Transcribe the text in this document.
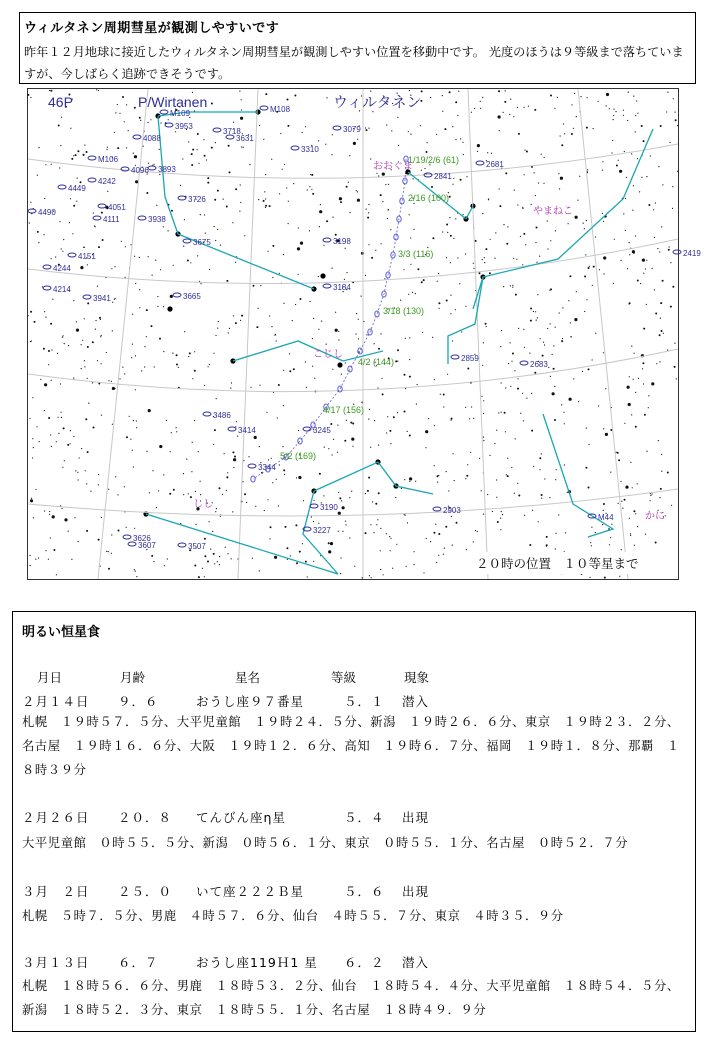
ウィルタネン周期彗星が観測しやすいです
昨年１２月地球に接近したウィルタネン周期彗星が観測しやすい位置を移動中です。 光度のほうは９等級まで落ちていますが、今しばらく追跡できそうです。
M109	M108
3953
3718
3631
4088
3079
M106
4096 3893
3310
2841
2681
4449
4242
3726
4051
4111	3938
4490
3675	3198
4151
4244
3184
4214
3941	3665
2419
2859
2683
3486
3414	3245
3344
3190	2903
M44
3227
3626
3607	3507
46P	P/Wirtanen	ウィルタネン
おおぐま
やまねこ
こじし
しし
かに
1/19/2/6 (61)
2/16 (100)
3/3 (116)
3/18 (130)
4/2 (144)
4/17 (156)
5/2 (169)
２０時の位置　１０等星まで
明るい恒星食
月日	月齢	星名	等級	現象
２月１４日 ９．６	おうし座９７番星	５．１ 潜入
札幌　１９時５７．５分、大平児童館　１９時２４．５分、新潟　１９時２６．６分、東京　１９時２３．２分、名古屋　１９時１６．６分、大阪　１９時１２．６分、高知　１９時６．７分、福岡　１９時１．８分、那覇　１８時３９分
２月２６日 ２０．８ てんびん座η星	５．４ 出現
大平児童館　０時５５．５分、新潟　０時５６．１分、東京　０時５５．１分、名古屋　０時５２．７分
３月　２日 ２５．０ いて座２２２Ｂ星	５．６ 出現
札幌　５時７．５分、男鹿　４時５７．６分、仙台　４時５５．７分、東京　４時３５．９分
３月１３日 ６．７	おうし座119Ｈ1 星 ６．２ 潜入
札幌　１８時５６．６分、男鹿　１８時５３．２分、仙台　１８時５４．４分、大平児童館　１８時５４．５分、新潟　１８時５２．３分、東京　１８時５５．１分、名古屋　１８時４９．９分
